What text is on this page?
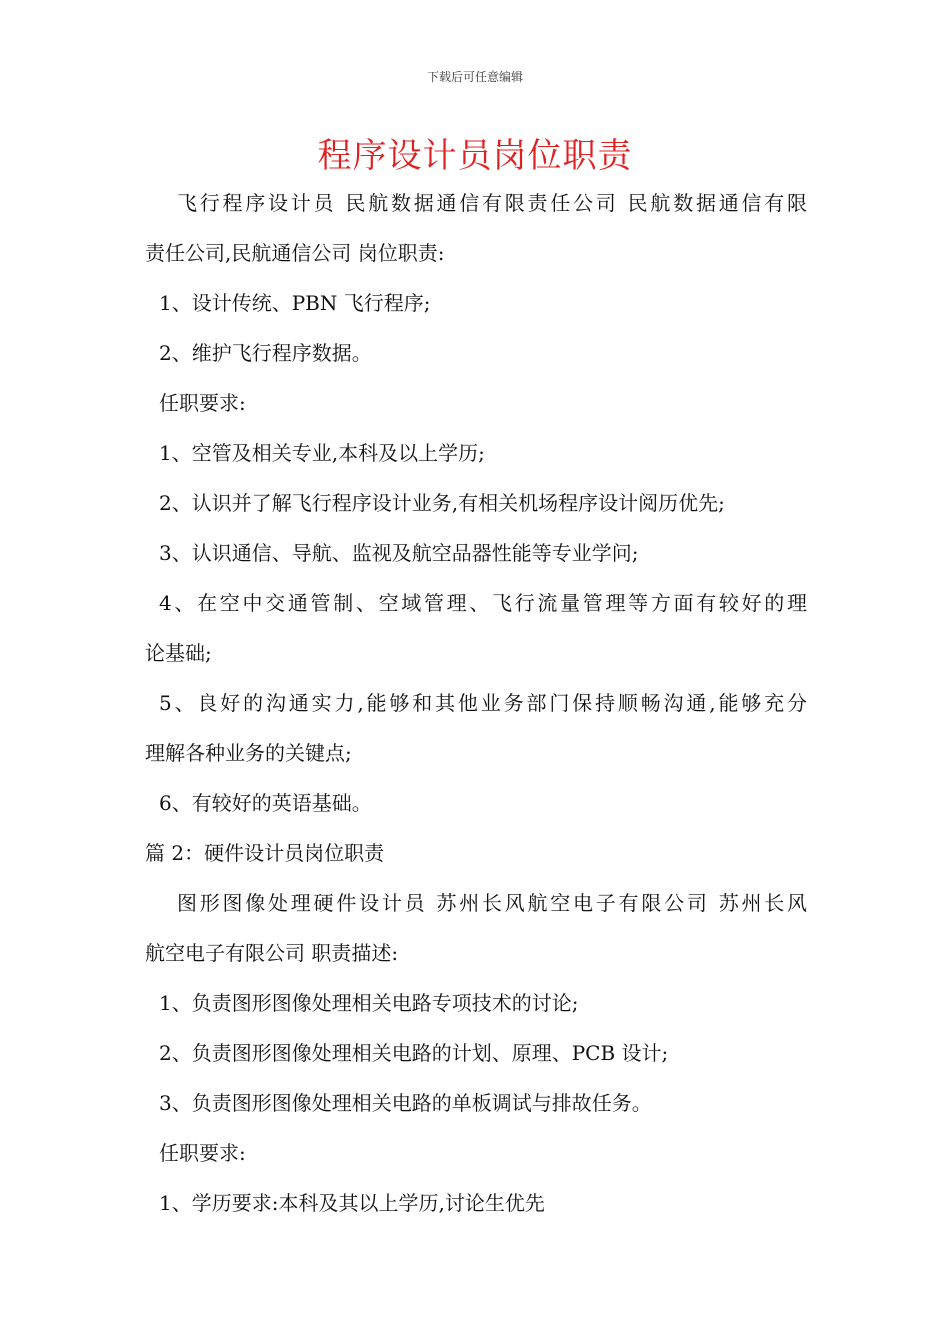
下载后可任意编辑
程序设计员岗位职责
飞行程序设计员 民航数据通信有限责任公司 民航数据通信有限
责任公司,民航通信公司 岗位职责:
1、设计传统、PBN 飞行程序;
2、维护飞行程序数据。
任职要求:
1、空管及相关专业,本科及以上学历;
2、认识并了解飞行程序设计业务,有相关机场程序设计阅历优先;
3、认识通信、导航、监视及航空品器性能等专业学问;
4、在空中交通管制、空域管理、飞行流量管理等方面有较好的理
论基础;
5、良好的沟通实力,能够和其他业务部门保持顺畅沟通,能够充分
理解各种业务的关键点;
6、有较好的英语基础。
篇 2：硬件设计员岗位职责
图形图像处理硬件设计员 苏州长风航空电子有限公司 苏州长风
航空电子有限公司 职责描述:
1、负责图形图像处理相关电路专项技术的讨论;
2、负责图形图像处理相关电路的计划、原理、PCB 设计;
3、负责图形图像处理相关电路的单板调试与排故任务。
任职要求:
1、学历要求:本科及其以上学历,讨论生优先
